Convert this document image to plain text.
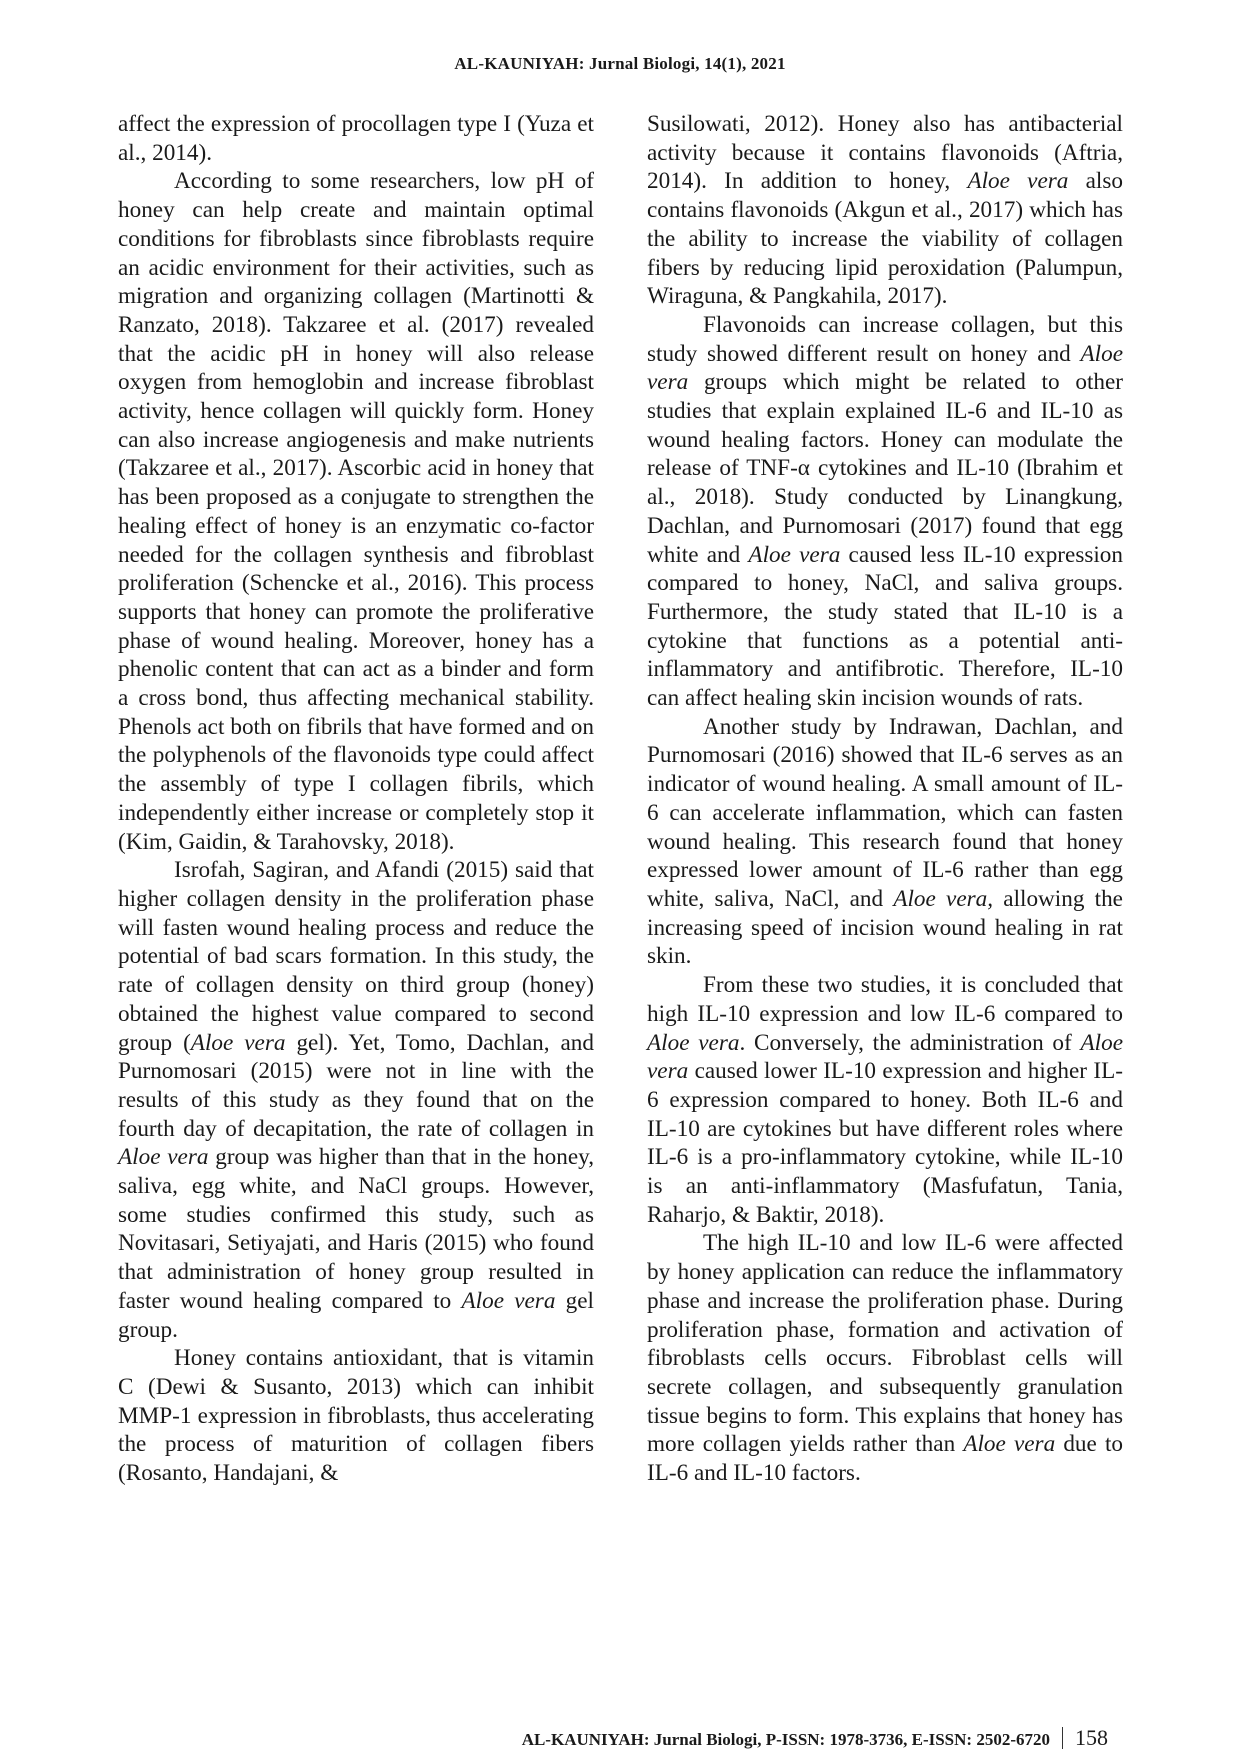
AL-KAUNIYAH: Jurnal Biologi, 14(1), 2021

affect the expression of procollagen type I (Yuza et al., 2014).

According to some researchers, low pH of honey can help create and maintain optimal conditions for fibroblasts since fibroblasts require an acidic environment for their activities, such as migration and organizing collagen (Martinotti & Ranzato, 2018). Takzaree et al. (2017) revealed that the acidic pH in honey will also release oxygen from hemoglobin and increase fibroblast activity, hence collagen will quickly form. Honey can also increase angiogenesis and make nutrients (Takzaree et al., 2017). Ascorbic acid in honey that has been proposed as a conjugate to strengthen the healing effect of honey is an enzymatic co-factor needed for the collagen synthesis and fibroblast proliferation (Schencke et al., 2016). This process supports that honey can promote the proliferative phase of wound healing. Moreover, honey has a phenolic content that can act as a binder and form a cross bond, thus affecting mechanical stability. Phenols act both on fibrils that have formed and on the polyphenols of the flavonoids type could affect the assembly of type I collagen fibrils, which independently either increase or completely stop it (Kim, Gaidin, & Tarahovsky, 2018).

Isrofah, Sagiran, and Afandi (2015) said that higher collagen density in the proliferation phase will fasten wound healing process and reduce the potential of bad scars formation. In this study, the rate of collagen density on third group (honey) obtained the highest value compared to second group (Aloe vera gel). Yet, Tomo, Dachlan, and Purnomosari (2015) were not in line with the results of this study as they found that on the fourth day of decapitation, the rate of collagen in Aloe vera group was higher than that in the honey, saliva, egg white, and NaCl groups. However, some studies confirmed this study, such as Novitasari, Setiyajati, and Haris (2015) who found that administration of honey group resulted in faster wound healing compared to Aloe vera gel group.

Honey contains antioxidant, that is vitamin C (Dewi & Susanto, 2013) which can inhibit MMP-1 expression in fibroblasts, thus accelerating the process of maturition of collagen fibers (Rosanto, Handajani, &

Susilowati, 2012). Honey also has antibacterial activity because it contains flavonoids (Aftria, 2014). In addition to honey, Aloe vera also contains flavonoids (Akgun et al., 2017) which has the ability to increase the viability of collagen fibers by reducing lipid peroxidation (Palumpun, Wiraguna, & Pangkahila, 2017).

Flavonoids can increase collagen, but this study showed different result on honey and Aloe vera groups which might be related to other studies that explain explained IL-6 and IL-10 as wound healing factors. Honey can modulate the release of TNF-α cytokines and IL-10 (Ibrahim et al., 2018). Study conducted by Linangkung, Dachlan, and Purnomosari (2017) found that egg white and Aloe vera caused less IL-10 expression compared to honey, NaCl, and saliva groups. Furthermore, the study stated that IL-10 is a cytokine that functions as a potential anti-inflammatory and antifibrotic. Therefore, IL-10 can affect healing skin incision wounds of rats.

Another study by Indrawan, Dachlan, and Purnomosari (2016) showed that IL-6 serves as an indicator of wound healing. A small amount of IL-6 can accelerate inflammation, which can fasten wound healing. This research found that honey expressed lower amount of IL-6 rather than egg white, saliva, NaCl, and Aloe vera, allowing the increasing speed of incision wound healing in rat skin.

From these two studies, it is concluded that high IL-10 expression and low IL-6 compared to Aloe vera. Conversely, the administration of Aloe vera caused lower IL-10 expression and higher IL-6 expression compared to honey. Both IL-6 and IL-10 are cytokines but have different roles where IL-6 is a pro-inflammatory cytokine, while IL-10 is an anti-inflammatory (Masfufatun, Tania, Raharjo, & Baktir, 2018).

The high IL-10 and low IL-6 were affected by honey application can reduce the inflammatory phase and increase the proliferation phase. During proliferation phase, formation and activation of fibroblasts cells occurs. Fibroblast cells will secrete collagen, and subsequently granulation tissue begins to form. This explains that honey has more collagen yields rather than Aloe vera due to IL-6 and IL-10 factors.

AL-KAUNIYAH: Jurnal Biologi, P-ISSN: 1978-3736, E-ISSN: 2502-6720 158
